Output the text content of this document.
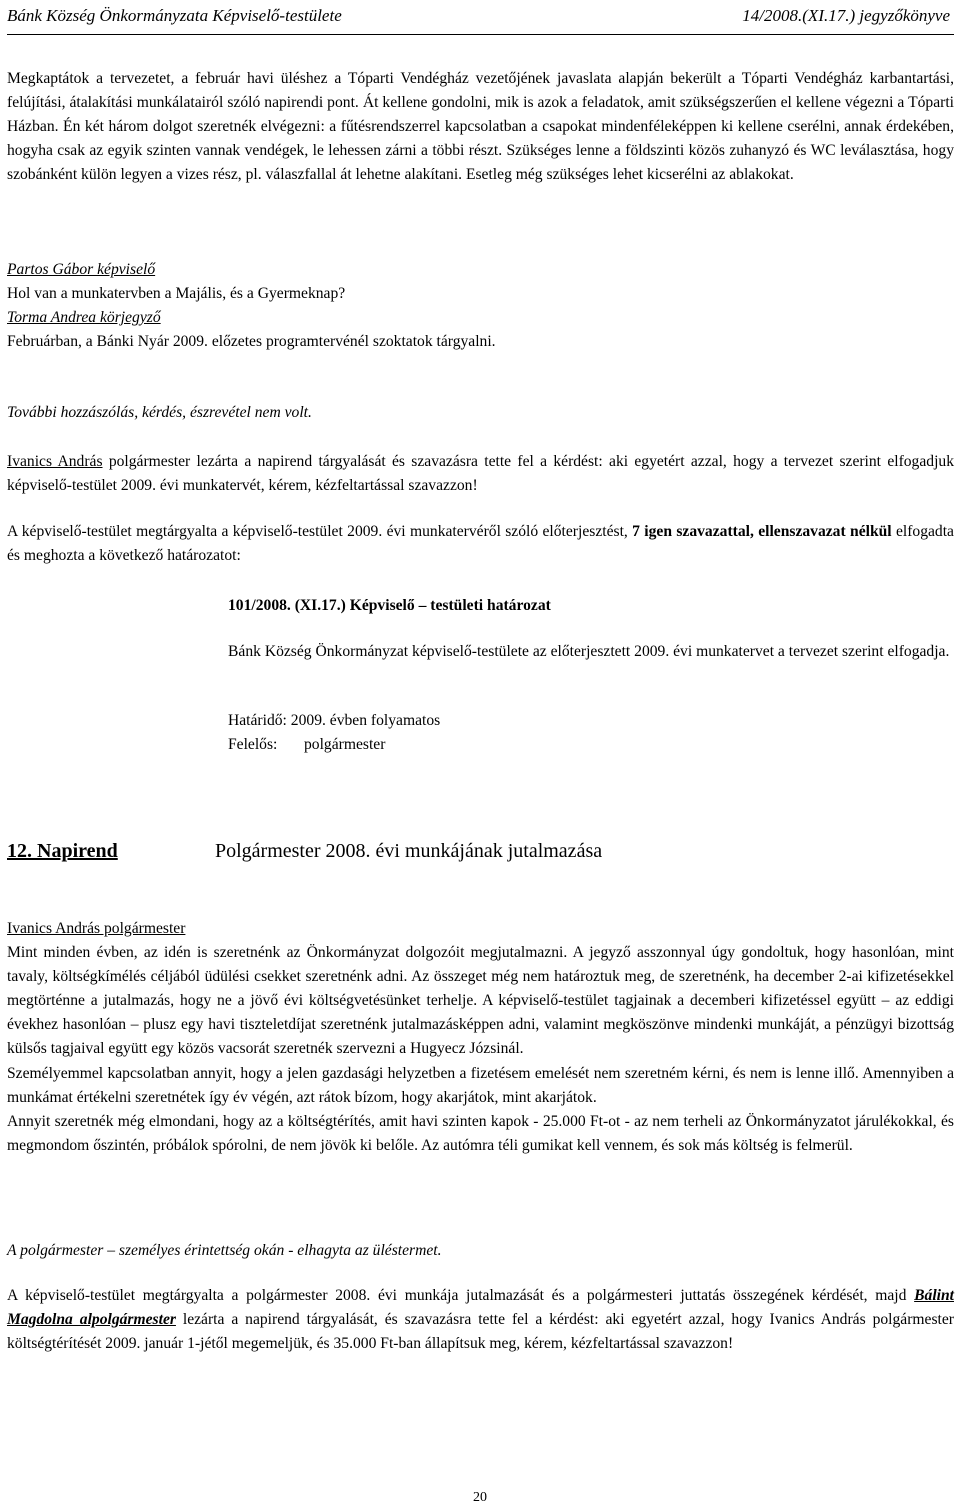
Bánk Község Önkormányzata Képviselő-testülete	14/2008.(XI.17.) jegyzőkönyve
Megkaptátok a tervezetet, a február havi üléshez a Tóparti Vendégház vezetőjének javaslata alapján bekerült a Tóparti Vendégház karbantartási, felújítási, átalakítási munkálatairól szóló napirendi pont. Át kellene gondolni, mik is azok a feladatok, amit szükségszerűen el kellene végezni a Tóparti Házban. Én két három dolgot szeretnék elvégezni: a fűtésrendszerrel kapcsolatban a csapokat mindenféleképpen ki kellene cserélni, annak érdekében, hogyha csak az egyik szinten vannak vendégek, le lehessen zárni a többi részt. Szükséges lenne a földszinti közös zuhanyzó és WC leválasztása, hogy szobánként külön legyen a vizes rész, pl. válaszfallal át lehetne alakítani. Esetleg még szükséges lehet kicserélni az ablakokat.
Partos Gábor képviselő
Hol van a munkatervben a Majális, és a Gyermeknap?
Torma Andrea körjegyző
Februárban, a Bánki Nyár 2009. előzetes programtervénél szoktatok tárgyalni.
További hozzászólás, kérdés, észrevétel nem volt.
Ivanics András polgármester lezárta a napirend tárgyalását és szavazásra tette fel a kérdést: aki egyetért azzal, hogy a tervezet szerint elfogadjuk képviselő-testület 2009. évi munkatervét, kérem, kézfeltartással szavazzon!
A képviselő-testület megtárgyalta a képviselő-testület 2009. évi munkatervéről szóló előterjesztést, 7 igen szavazattal, ellenszavazat nélkül elfogadta és meghozta a következő határozatot:
101/2008. (XI.17.) Képviselő – testületi határozat
Bánk Község Önkormányzat képviselő-testülete az előterjesztett 2009. évi munkatervet a tervezet szerint elfogadja.
Határidő: 2009. évben folyamatos
Felelős: polgármester
12. Napirend	Polgármester 2008. évi munkájának jutalmazása
Ivanics András polgármester
Mint minden évben, az idén is szeretnénk az Önkormányzat dolgozóit megjutalmazni. A jegyző asszonnyal úgy gondoltuk, hogy hasonlóan, mint tavaly, költségkímélés céljából üdülési csekket szeretnénk adni. Az összeget még nem határoztuk meg, de szeretnénk, ha december 2-ai kifizetésekkel megtörténne a jutalmazás, hogy ne a jövő évi költségvetésünket terhelje. A képviselő-testület tagjainak a decemberi kifizetéssel együtt – az eddigi évekhez hasonlóan – plusz egy havi tiszteletdíjat szeretnénk jutalmazásképpen adni, valamint megköszönve mindenki munkáját, a pénzügyi bizottság külsős tagjaival együtt egy közös vacsorát szeretnék szervezni a Hugyecz Józsinál.
Személyemmel kapcsolatban annyit, hogy a jelen gazdasági helyzetben a fizetésem emelését nem szeretném kérni, és nem is lenne illő. Amennyiben a munkámat értékelni szeretnétek így év végén, azt rátok bízom, hogy akarjátok, mint akarjátok.
Annyit szeretnék még elmondani, hogy az a költségtérítés, amit havi szinten kapok - 25.000 Ft-ot - az nem terheli az Önkormányzatot járulékokkal, és megmondom őszintén, próbálok spórolni, de nem jövök ki belőle. Az autómra téli gumikat kell vennem, és sok más költség is felmerül.
A polgármester – személyes érintettség okán - elhagyta az üléstermet.
A képviselő-testület megtárgyalta a polgármester 2008. évi munkája jutalmazását és a polgármesteri juttatás összegének kérdését, majd Bálint Magdolna alpolgármester lezárta a napirend tárgyalását, és szavazásra tette fel a kérdést: aki egyetért azzal, hogy Ivanics András polgármester költségtérítését 2009. január 1-jétől megemeljük, és 35.000 Ft-ban állapítsuk meg, kérem, kézfeltartással szavazzon!
20
